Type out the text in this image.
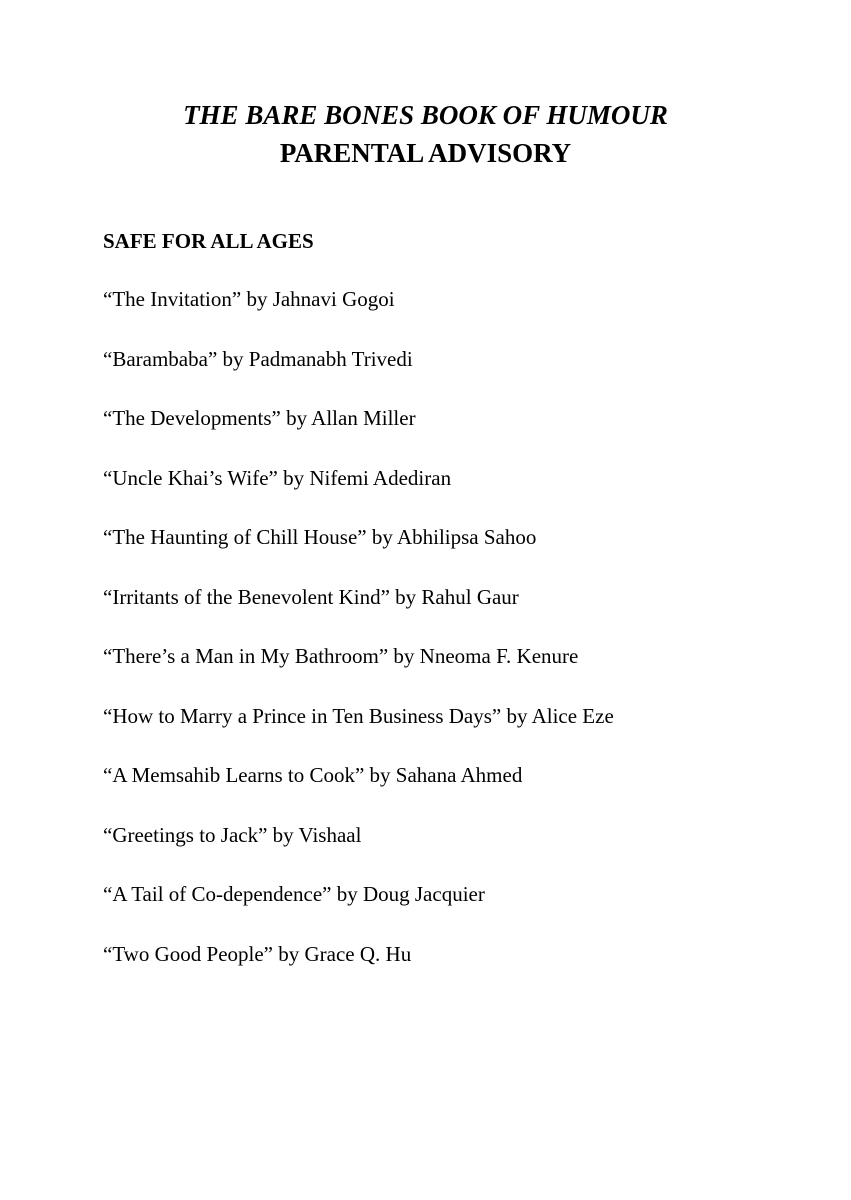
THE BARE BONES BOOK OF HUMOUR
PARENTAL ADVISORY
SAFE FOR ALL AGES
“The Invitation” by Jahnavi Gogoi
“Barambaba” by Padmanabh Trivedi
“The Developments” by Allan Miller
“Uncle Khai’s Wife” by Nifemi Adediran
“The Haunting of Chill House” by Abhilipsa Sahoo
“Irritants of the Benevolent Kind” by Rahul Gaur
“There’s a Man in My Bathroom” by Nneoma F. Kenure
“How to Marry a Prince in Ten Business Days” by Alice Eze
“A Memsahib Learns to Cook” by Sahana Ahmed
“Greetings to Jack” by Vishaal
“A Tail of Co-dependence” by Doug Jacquier
“Two Good People” by Grace Q. Hu
